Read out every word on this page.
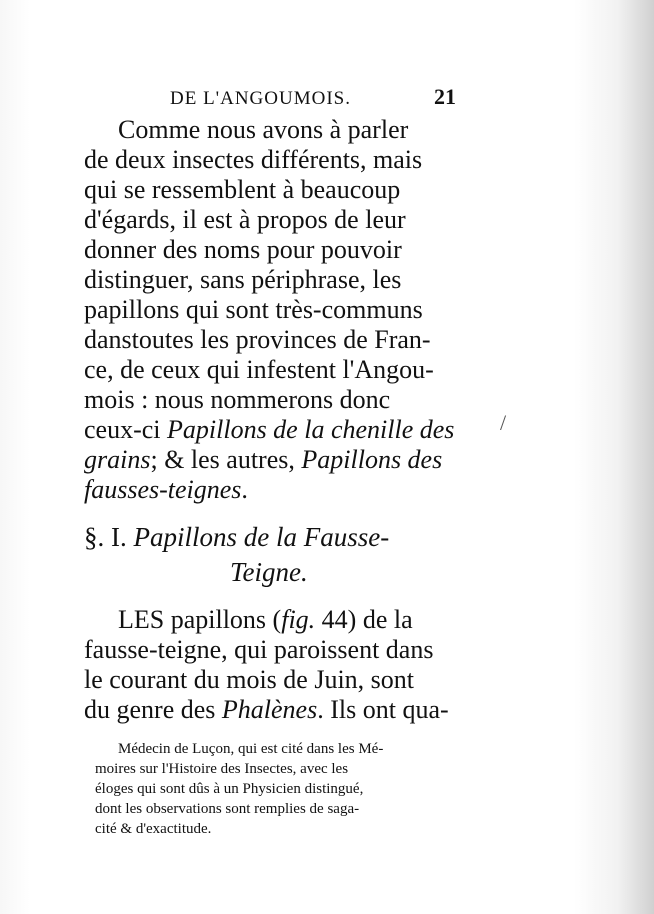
DE L'ANGOUMOIS.	21
Comme nous avons à parler
de deux insectes différents, mais
qui se ressemblent à beaucoup
d'égards, il est à propos de leur
donner des noms pour pouvoir
distinguer, sans périphrase, les
papillons qui sont très-communs
danstoutes les provinces de Fran-
ce, de ceux qui infestent l'Angou-
mois : nous nommerons donc
ceux-ci Papillons de la chenille des
grains; & les autres, Papillons des
fausses-teignes.
/
§. I. Papillons de la Fausse-
Teigne.
LES papillons (fig. 44) de la
fausse-teigne, qui paroissent dans
le courant du mois de Juin, sont
du genre des Phalènes. Ils ont qua-
Médecin de Luçon, qui est cité dans les Mé-
moires sur l'Histoire des Insectes, avec les
éloges qui sont dûs à un Physicien distingué,
dont les observations sont remplies de saga-
cité & d'exactitude.
